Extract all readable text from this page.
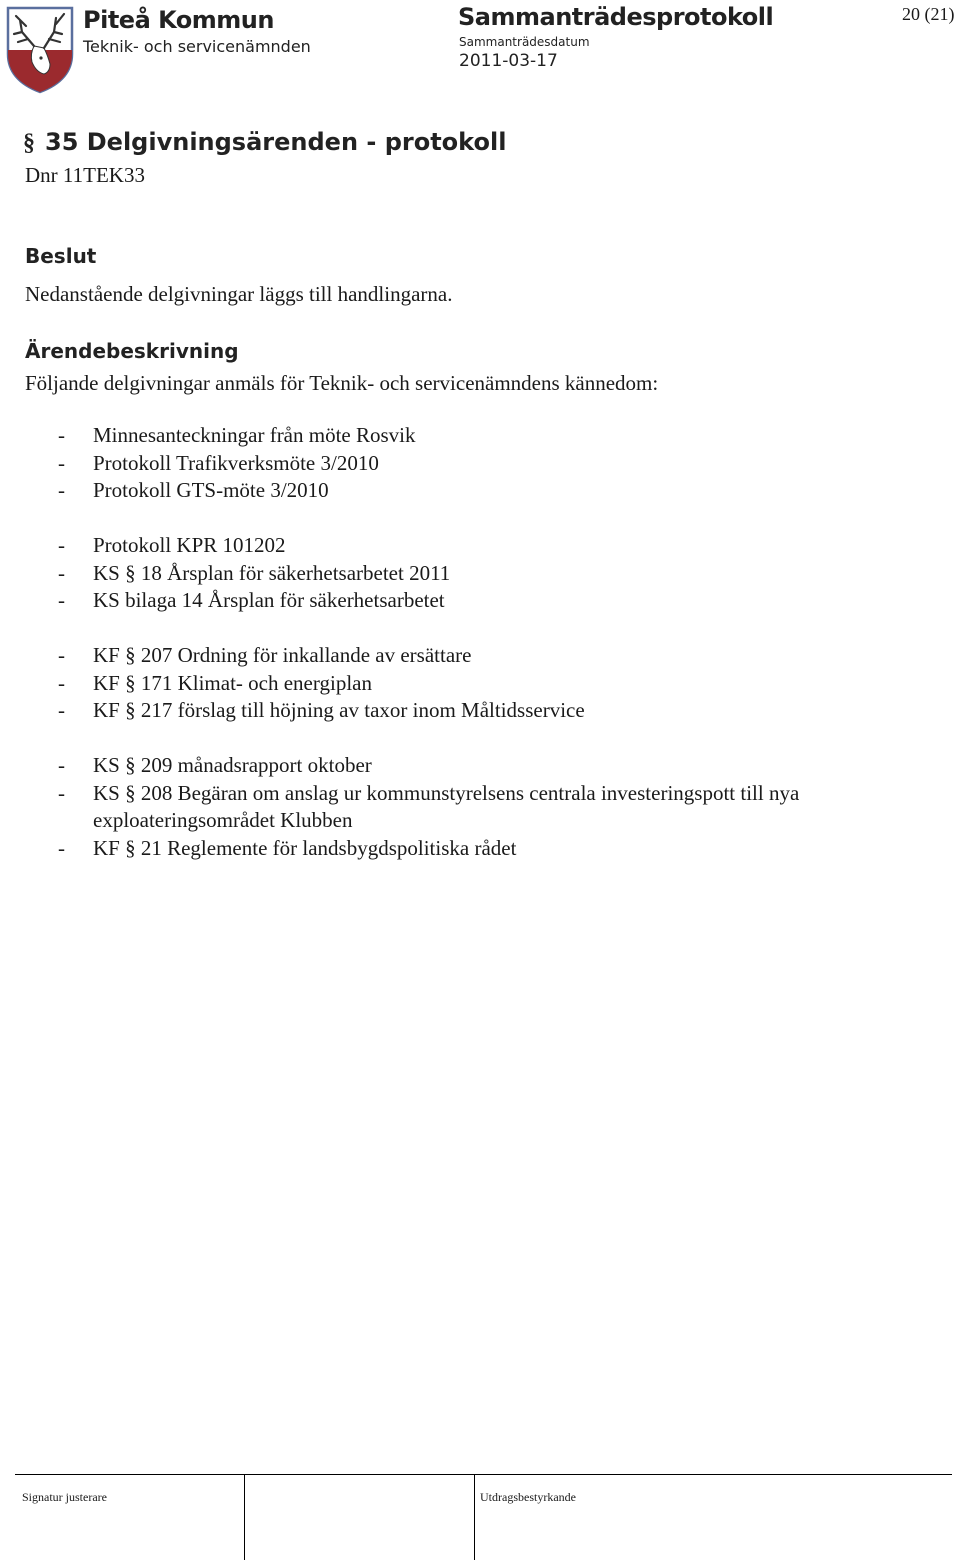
Piteå Kommun
Teknik- och servicenämnden
Sammanträdesprotokoll
Sammanträdesdatum
2011-03-17
20 (21)
§ 35 Delgivningsärenden - protokoll
Dnr 11TEK33
Beslut
Nedanstående delgivningar läggs till handlingarna.
Ärendebeskrivning
Följande delgivningar anmäls för Teknik- och servicenämndens kännedom:
- Minnesanteckningar från möte Rosvik
- Protokoll Trafikverksmöte 3/2010
- Protokoll GTS-möte 3/2010
- Protokoll KPR 101202
- KS § 18 Årsplan för säkerhetsarbetet 2011
- KS bilaga 14 Årsplan för säkerhetsarbetet
- KF § 207 Ordning för inkallande av ersättare
- KF § 171 Klimat- och energiplan
- KF § 217 förslag till höjning av taxor inom Måltidsservice
- KS § 209 månadsrapport oktober
- KS § 208 Begäran om anslag ur kommunstyrelsens centrala investeringspott till nya
exploateringsområdet Klubben
- KF § 21 Reglemente för landsbygdspolitiska rådet
Signatur justerare	Utdragsbestyrkande
